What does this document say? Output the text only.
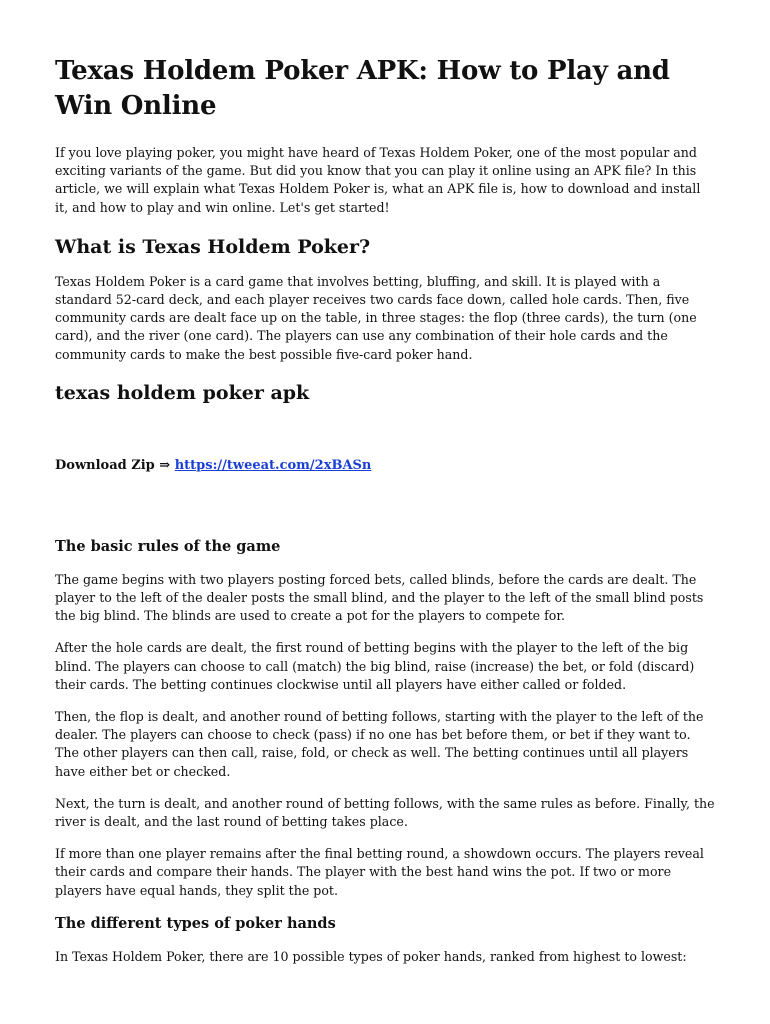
Texas Holdem Poker APK: How to Play and Win Online

If you love playing poker, you might have heard of Texas Holdem Poker, one of the most popular and exciting variants of the game. But did you know that you can play it online using an APK file? In this article, we will explain what Texas Holdem Poker is, what an APK file is, how to download and install it, and how to play and win online. Let's get started!

What is Texas Holdem Poker?

Texas Holdem Poker is a card game that involves betting, bluffing, and skill. It is played with a standard 52-card deck, and each player receives two cards face down, called hole cards. Then, five community cards are dealt face up on the table, in three stages: the flop (three cards), the turn (one card), and the river (one card). The players can use any combination of their hole cards and the community cards to make the best possible five-card poker hand.

texas holdem poker apk
Download Zip ⇒ https://tweeat.com/2xBASn
The basic rules of the game

The game begins with two players posting forced bets, called blinds, before the cards are dealt. The player to the left of the dealer posts the small blind, and the player to the left of the small blind posts the big blind. The blinds are used to create a pot for the players to compete for.

After the hole cards are dealt, the first round of betting begins with the player to the left of the big blind. The players can choose to call (match) the big blind, raise (increase) the bet, or fold (discard) their cards. The betting continues clockwise until all players have either called or folded.

Then, the flop is dealt, and another round of betting follows, starting with the player to the left of the dealer. The players can choose to check (pass) if no one has bet before them, or bet if they want to. The other players can then call, raise, fold, or check as well. The betting continues until all players have either bet or checked.

Next, the turn is dealt, and another round of betting follows, with the same rules as before. Finally, the river is dealt, and the last round of betting takes place.

If more than one player remains after the final betting round, a showdown occurs. The players reveal their cards and compare their hands. The player with the best hand wins the pot. If two or more players have equal hands, they split the pot.

The different types of poker hands

In Texas Holdem Poker, there are 10 possible types of poker hands, ranked from highest to lowest:
